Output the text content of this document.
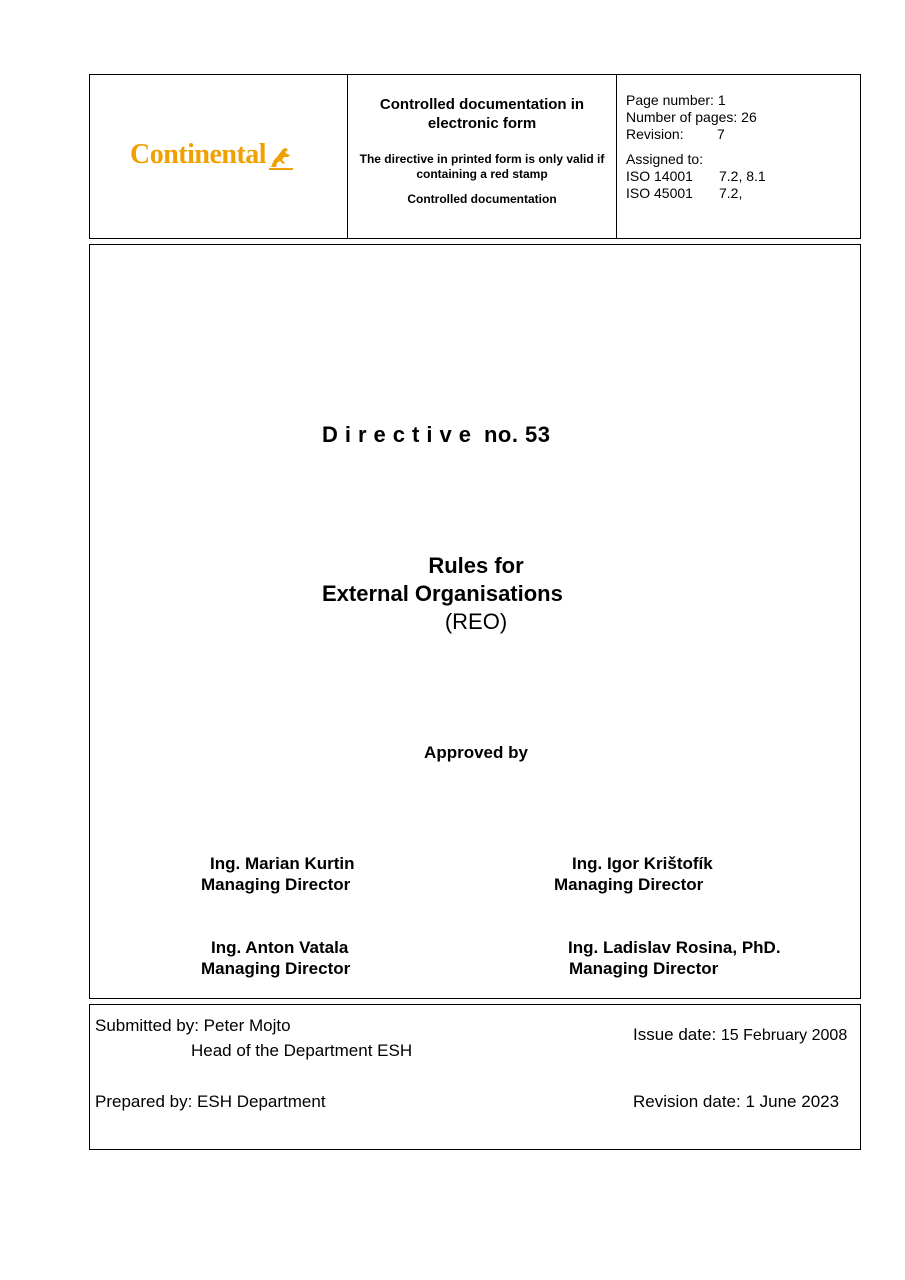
Continental
Controlled documentation in electronic form
The directive in printed form is only valid if containing a red stamp
Controlled documentation
Page number: 1
Number of pages: 26
Revision: 7
Assigned to:
ISO 14001 7.2, 8.1
ISO 45001 7.2,
Directive no. 53
Rules for
External Organisations
(REO)
Approved by
Ing. Marian Kurtin
Managing Director
Ing. Igor Krištofík
Managing Director
Ing. Anton Vatala
Managing Director
Ing. Ladislav Rosina, PhD.
Managing Director
Submitted by: Peter Mojto
Head of the Department ESH
Prepared by: ESH Department
Issue date: 15 February 2008
Revision date: 1 June 2023
